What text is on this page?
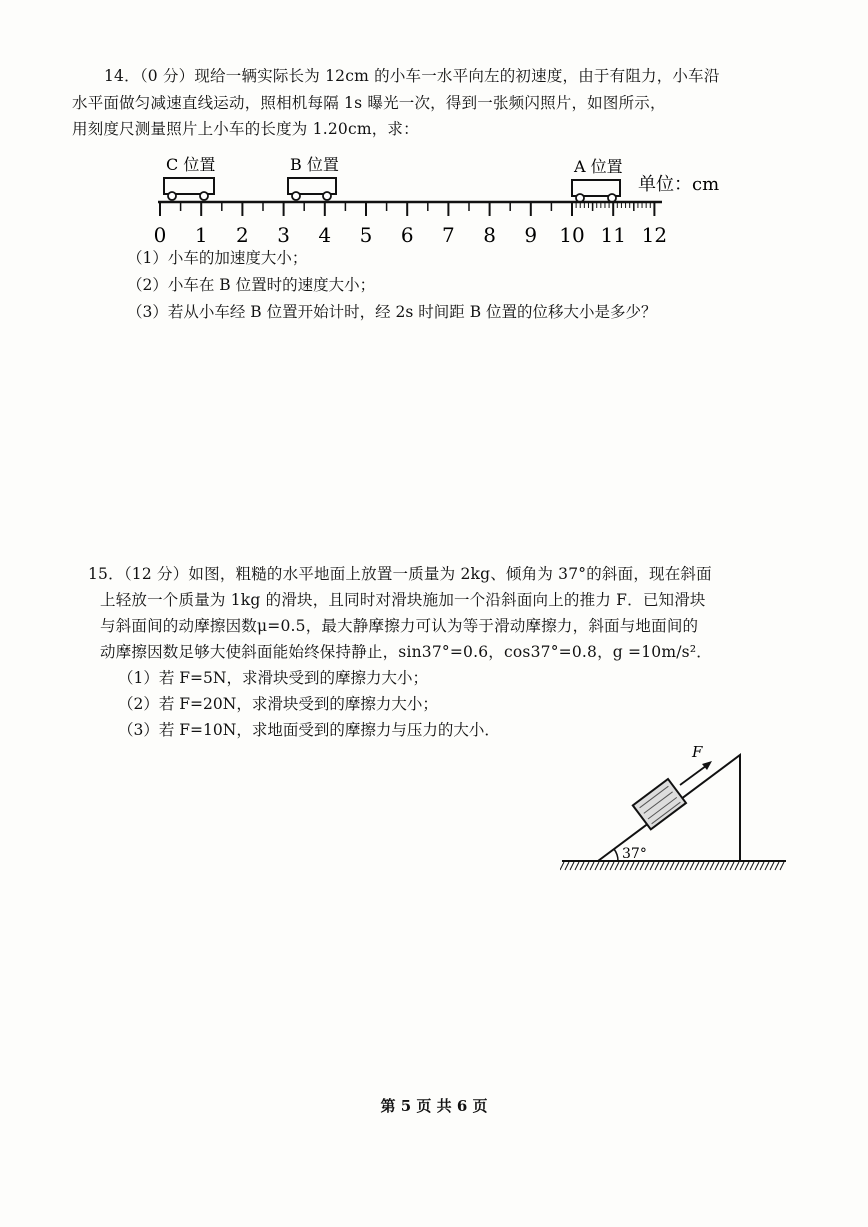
14．（0 分）现给一辆实际长为 12cm 的小车一水平向左的初速度，由于有阻力，小车沿
水平面做匀减速直线运动，照相机每隔 1s 曝光一次，得到一张频闪照片，如图所示，
用刻度尺测量照片上小车的长度为 1.20cm，求：
C 位置	B 位置	A 位置
单位：cm
0 1 2 3 4 5 6 7 8 9 10 11 12
（1）小车的加速度大小；
（2）小车在 B 位置时的速度大小；
（3）若从小车经 B 位置开始计时，经 2s 时间距 B 位置的位移大小是多少？
15．（12 分）如图，粗糙的水平地面上放置一质量为 2kg、倾角为 37°的斜面，现在斜面
上轻放一个质量为 1kg 的滑块，且同时对滑块施加一个沿斜面向上的推力 F．已知滑块
与斜面间的动摩擦因数μ=0.5，最大静摩擦力可认为等于滑动摩擦力，斜面与地面间的
动摩擦因数足够大使斜面能始终保持静止，sin37°=0.6，cos37°=0.8，g =10m/s²．
（1）若 F=5N，求滑块受到的摩擦力大小；
（2）若 F=20N，求滑块受到的摩擦力大小；
（3）若 F=10N，求地面受到的摩擦力与压力的大小．
37°
F
第 5 页 共 6 页
